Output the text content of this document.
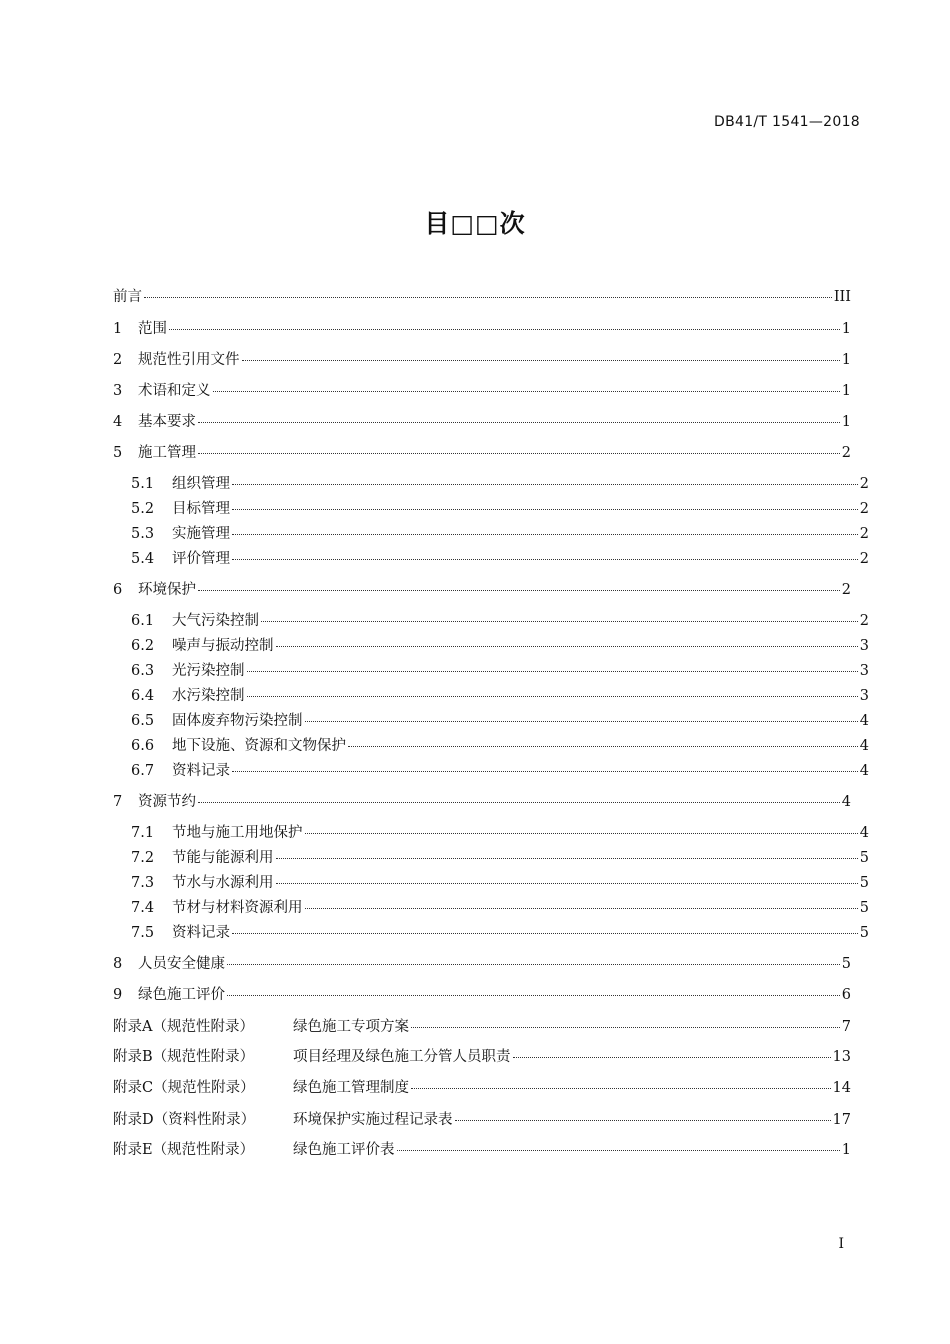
DB41/T 1541—2018
目□□次
前言	III
1	范围	1
2	规范性引用文件	1
3	术语和定义	1
4	基本要求	1
5	施工管理	2
5.1	组织管理	2
5.2	目标管理	2
5.3	实施管理	2
5.4	评价管理	2
6	环境保护	2
6.1	大气污染控制	2
6.2	噪声与振动控制	3
6.3	光污染控制	3
6.4	水污染控制	3
6.5	固体废弃物污染控制	4
6.6	地下设施、资源和文物保护	4
6.7	资料记录	4
7	资源节约	4
7.1	节地与施工用地保护	4
7.2	节能与能源利用	5
7.3	节水与水源利用	5
7.4	节材与材料资源利用	5
7.5	资料记录	5
8	人员安全健康	5
9	绿色施工评价	6
附录A（规范性附录）	绿色施工专项方案	7
附录B（规范性附录）	项目经理及绿色施工分管人员职责	13
附录C（规范性附录）	绿色施工管理制度	14
附录D（资料性附录）	环境保护实施过程记录表	17
附录E（规范性附录）	绿色施工评价表	1
I
